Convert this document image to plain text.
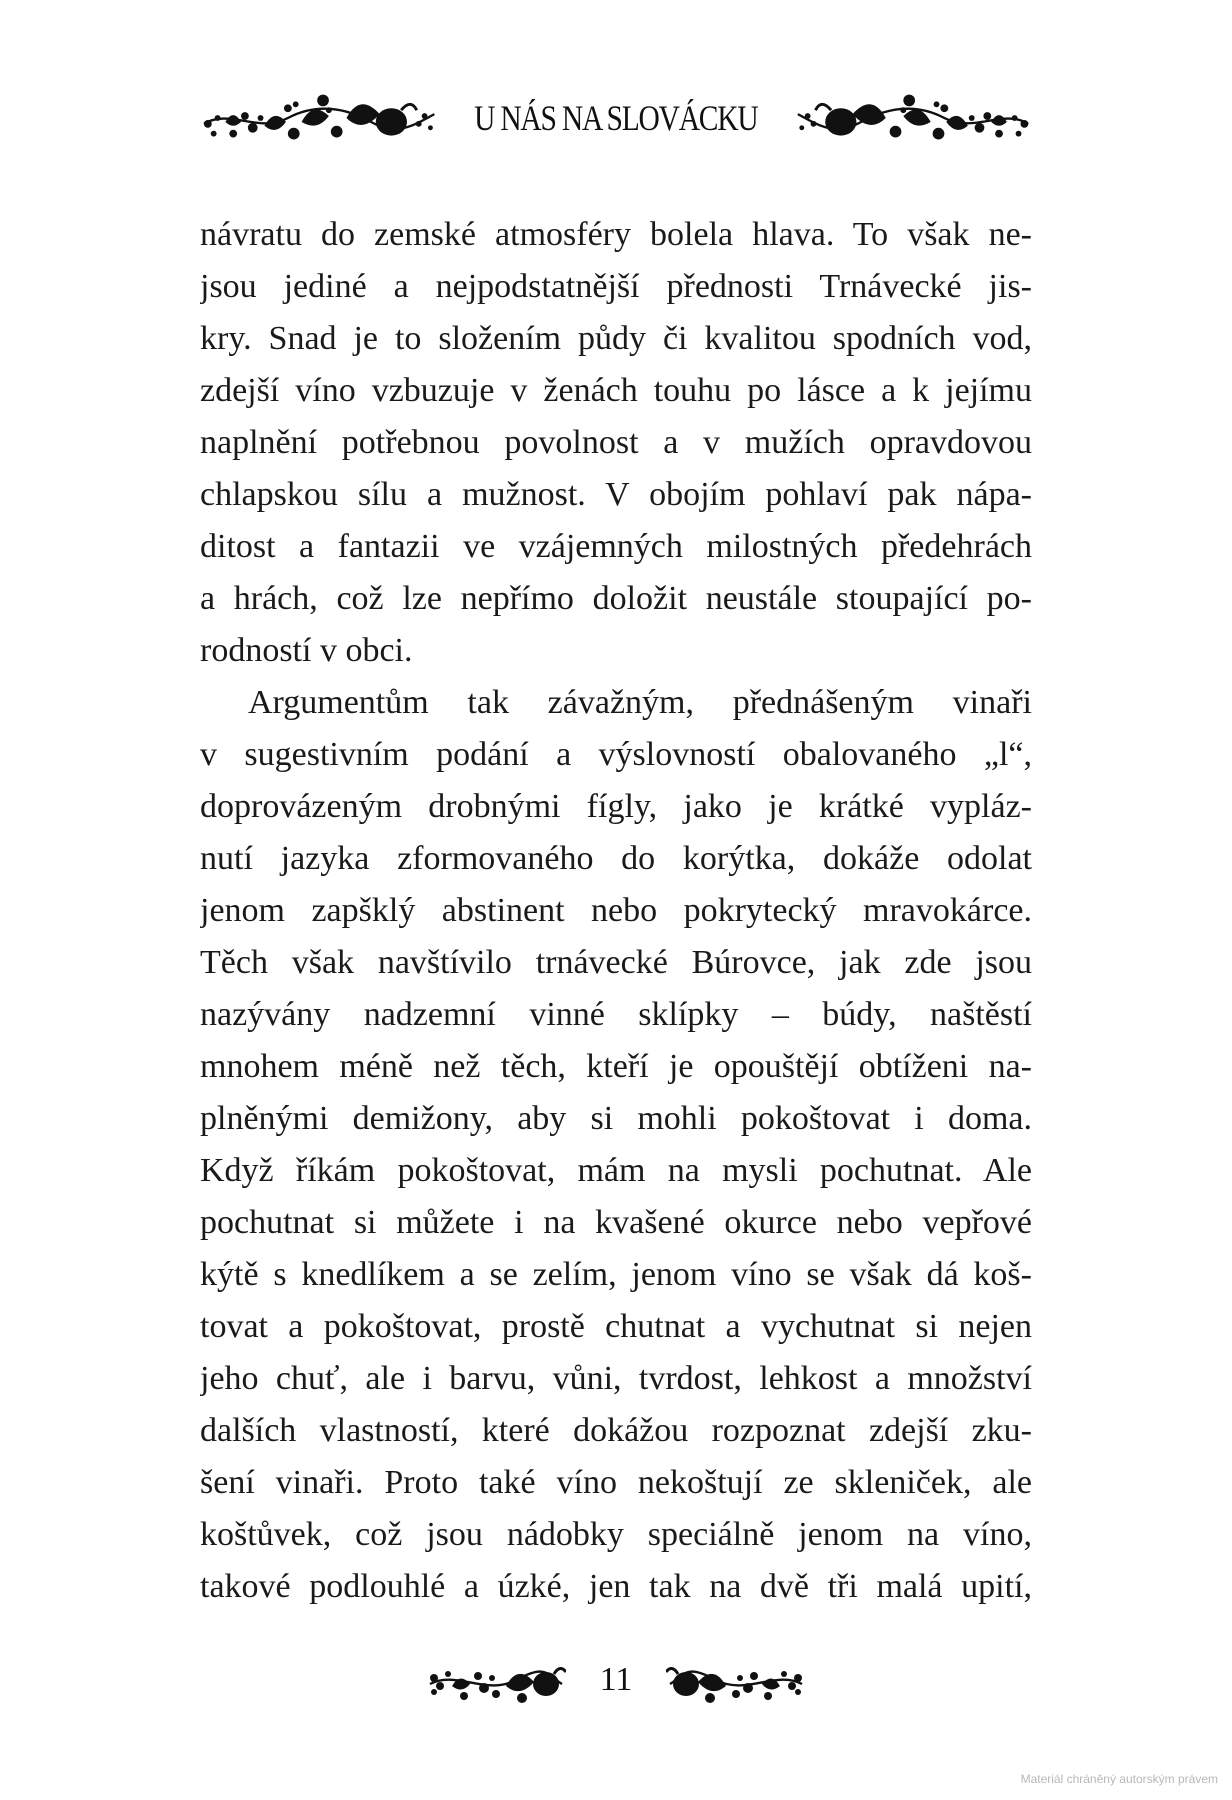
U NÁS NA SLOVÁCKU
návratu do zemské atmosféry bolela hlava. To však ne-
jsou jediné a nejpodstatnější přednosti Trnávecké jis-
kry. Snad je to složením půdy či kvalitou spodních vod,
zdejší víno vzbuzuje v ženách touhu po lásce a k jejímu
naplnění potřebnou povolnost a v mužích opravdovou
chlapskou sílu a mužnost. V obojím pohlaví pak nápa-
ditost a fantazii ve vzájemných milostných předehrách
a hrách, což lze nepřímo doložit neustále stoupající po-
rodností v obci.
Argumentům tak závažným, přednášeným vinaři
v sugestivním podání a výslovností obalovaného „l“,
doprovázeným drobnými fígly, jako je krátké vypláz-
nutí jazyka zformovaného do korýtka, dokáže odolat
jenom zapšklý abstinent nebo pokrytecký mravokárce.
Těch však navštívilo trnávecké Búrovce, jak zde jsou
nazývány nadzemní vinné sklípky – búdy, naštěstí
mnohem méně než těch, kteří je opouštějí obtíženi na-
plněnými demižony, aby si mohli pokoštovat i doma.
Když říkám pokoštovat, mám na mysli pochutnat. Ale
pochutnat si můžete i na kvašené okurce nebo vepřové
kýtě s knedlíkem a se zelím, jenom víno se však dá koš-
tovat a pokoštovat, prostě chutnat a vychutnat si nejen
jeho chuť, ale i barvu, vůni, tvrdost, lehkost a množství
dalších vlastností, které dokážou rozpoznat zdejší zku-
šení vinaři. Proto také víno nekoštují ze skleniček, ale
koštůvek, což jsou nádobky speciálně jenom na víno,
takové podlouhlé a úzké, jen tak na dvě tři malá upití,
11
Materiál chráněný autorským právem
